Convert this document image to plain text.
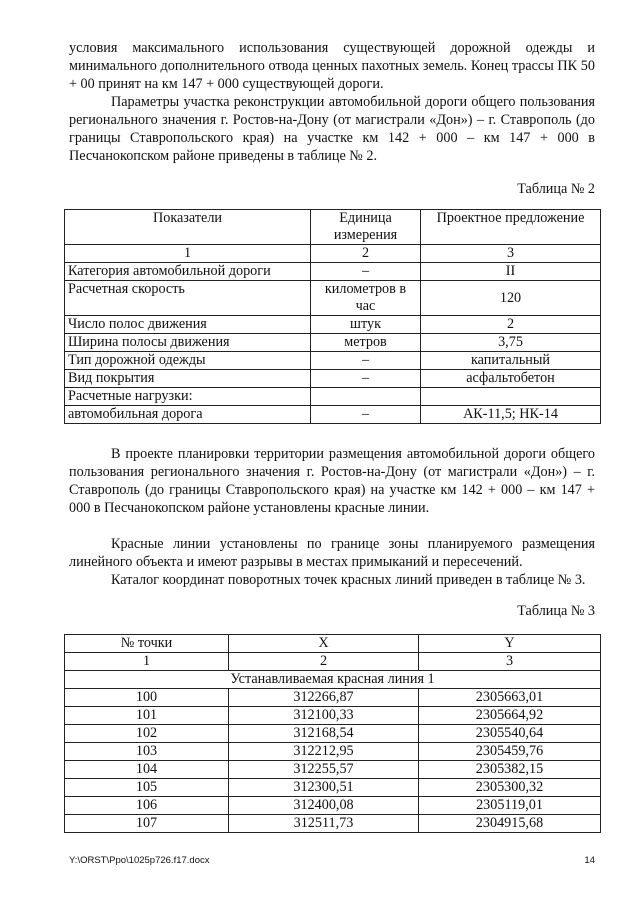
условия максимального использования существующей дорожной одежды и минимального дополнительного отвода ценных пахотных земель. Конец трассы ПК 50 + 00 принят на км 147 + 000 существующей дороги.

Параметры участка реконструкции автомобильной дороги общего пользования регионального значения г. Ростов-на-Дону (от магистрали «Дон») – г. Ставрополь (до границы Ставропольского края) на участке км 142 + 000 – км 147 + 000 в Песчанокопском районе приведены в таблице № 2.

Таблица № 2
Показатели	Единица измерения	Проектное предложение
1	2	3
Категория автомобильной дороги	–	II
Расчетная скорость	километров в час	120
Число полос движения	штук	2
Ширина полосы движения	метров	3,75
Тип дорожной одежды	–	капитальный
Вид покрытия	–	асфальтобетон
Расчетные нагрузки:		
автомобильная дорога	–	АК-11,5; НК-14

В проекте планировки территории размещения автомобильной дороги общего пользования регионального значения г. Ростов-на-Дону (от магистрали «Дон») – г. Ставрополь (до границы Ставропольского края) на участке км 142 + 000 – км 147 + 000 в Песчанокопском районе установлены красные линии.

Красные линии установлены по границе зоны планируемого размещения линейного объекта и имеют разрывы в местах примыканий и пересечений.

Каталог координат поворотных точек красных линий приведен в таблице № 3.

Таблица № 3
№ точки	X	Y
1	2	3
Устанавливаемая красная линия 1		
100	312266,87	2305663,01
101	312100,33	2305664,92
102	312168,54	2305540,64
103	312212,95	2305459,76
104	312255,57	2305382,15
105	312300,51	2305300,32
106	312400,08	2305119,01
107	312511,73	2304915,68
Y:\ORST\Ppo\1025p726.f17.docx	14
